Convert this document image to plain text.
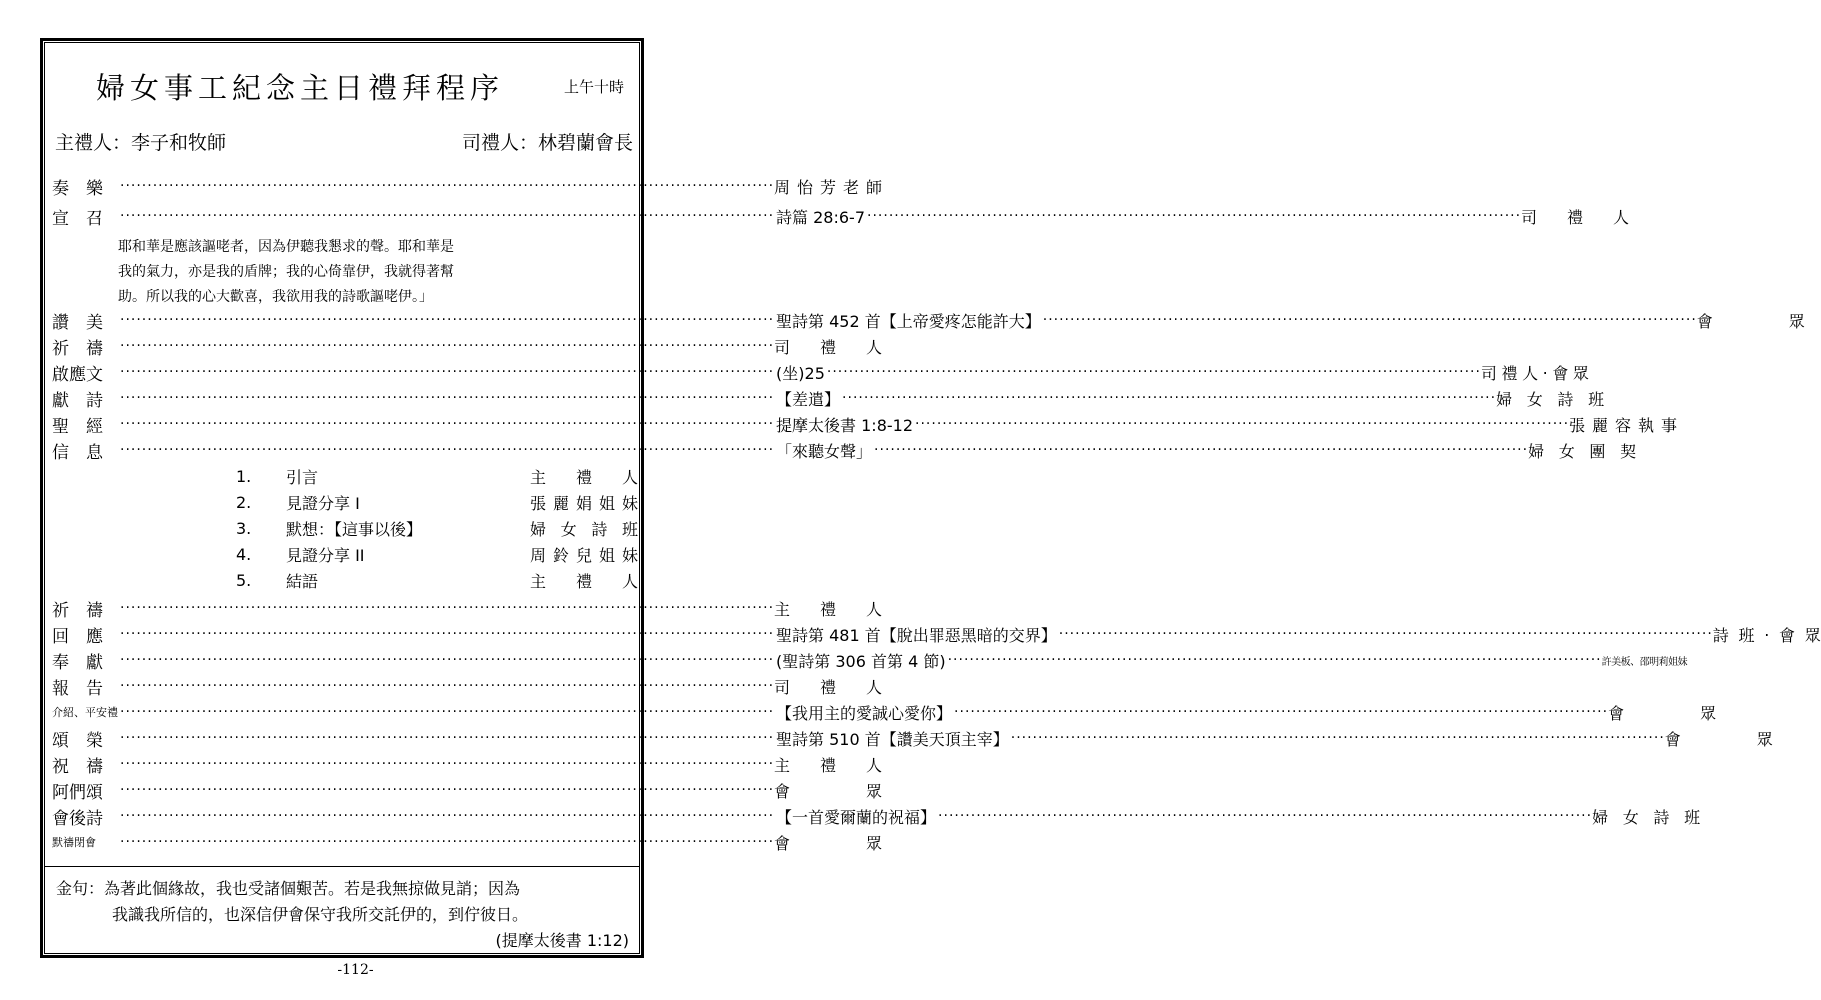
婦女事工紀念主日禮拜程序	上午十時
主禮人：李子和牧師	司禮人：林碧蘭會長
奏　樂	························································································································ 周怡芳老師
宣　召	························································································································ 詩篇 28:6-7 ························································································································ 司禮人
讚　美	························································································································ 聖詩第 452 首【上帝愛疼怎能許大】 ························································································································ 會眾
祈　禱	························································································································ 司禮人
啟應文	························································································································ (坐)25 ························································································································ 司禮人‧會眾
獻　詩	························································································································ 【差遣】 ························································································································ 婦女詩班
聖　經	························································································································ 提摩太後書 1:8-12 ························································································································ 張麗容執事
信　息	························································································································ 「來聽女聲」 ························································································································ 婦女團契
祈　禱	························································································································ 主禮人
回　應	························································································································ 聖詩第 481 首【脫出罪惡黑暗的交界】 ························································································································ 詩班‧會眾
奉　獻	························································································································ (聖詩第 306 首第 4 節) ························································································································ 許美板、邵明莉姐妹
報　告	························································································································ 司禮人
介紹、平安禮 ························································································································ 【我用主的愛誠心愛你】 ························································································································ 會眾
頌　榮	························································································································ 聖詩第 510 首【讚美天頂主宰】 ························································································································ 會眾
祝　禱	························································································································ 主禮人
阿們頌	························································································································ 會眾
會後詩	························································································································ 【一首愛爾蘭的祝福】 ························································································································ 婦女詩班
默禱閉會	························································································································ 會眾
耶和華是應該謳咾者，因為伊聽我懇求的聲。耶和華是
我的氣力，亦是我的盾牌；我的心倚靠伊，我就得著幫
助。所以我的心大歡喜，我欲用我的詩歌謳咾伊。」
1.	引言	主禮人
2.	見證分享 I	張麗娟姐妹
3.	默想：【這事以後】	婦女詩班
4.	見證分享 II	周鈴兒姐妹
5.	結語	主禮人
金句：為著此個緣故，我也受諸個艱苦。若是我無掠做見誚；因為
我識我所信的，也深信伊會保守我所交託伊的，到佇彼日。
(提摩太後書 1:12)
-112-
